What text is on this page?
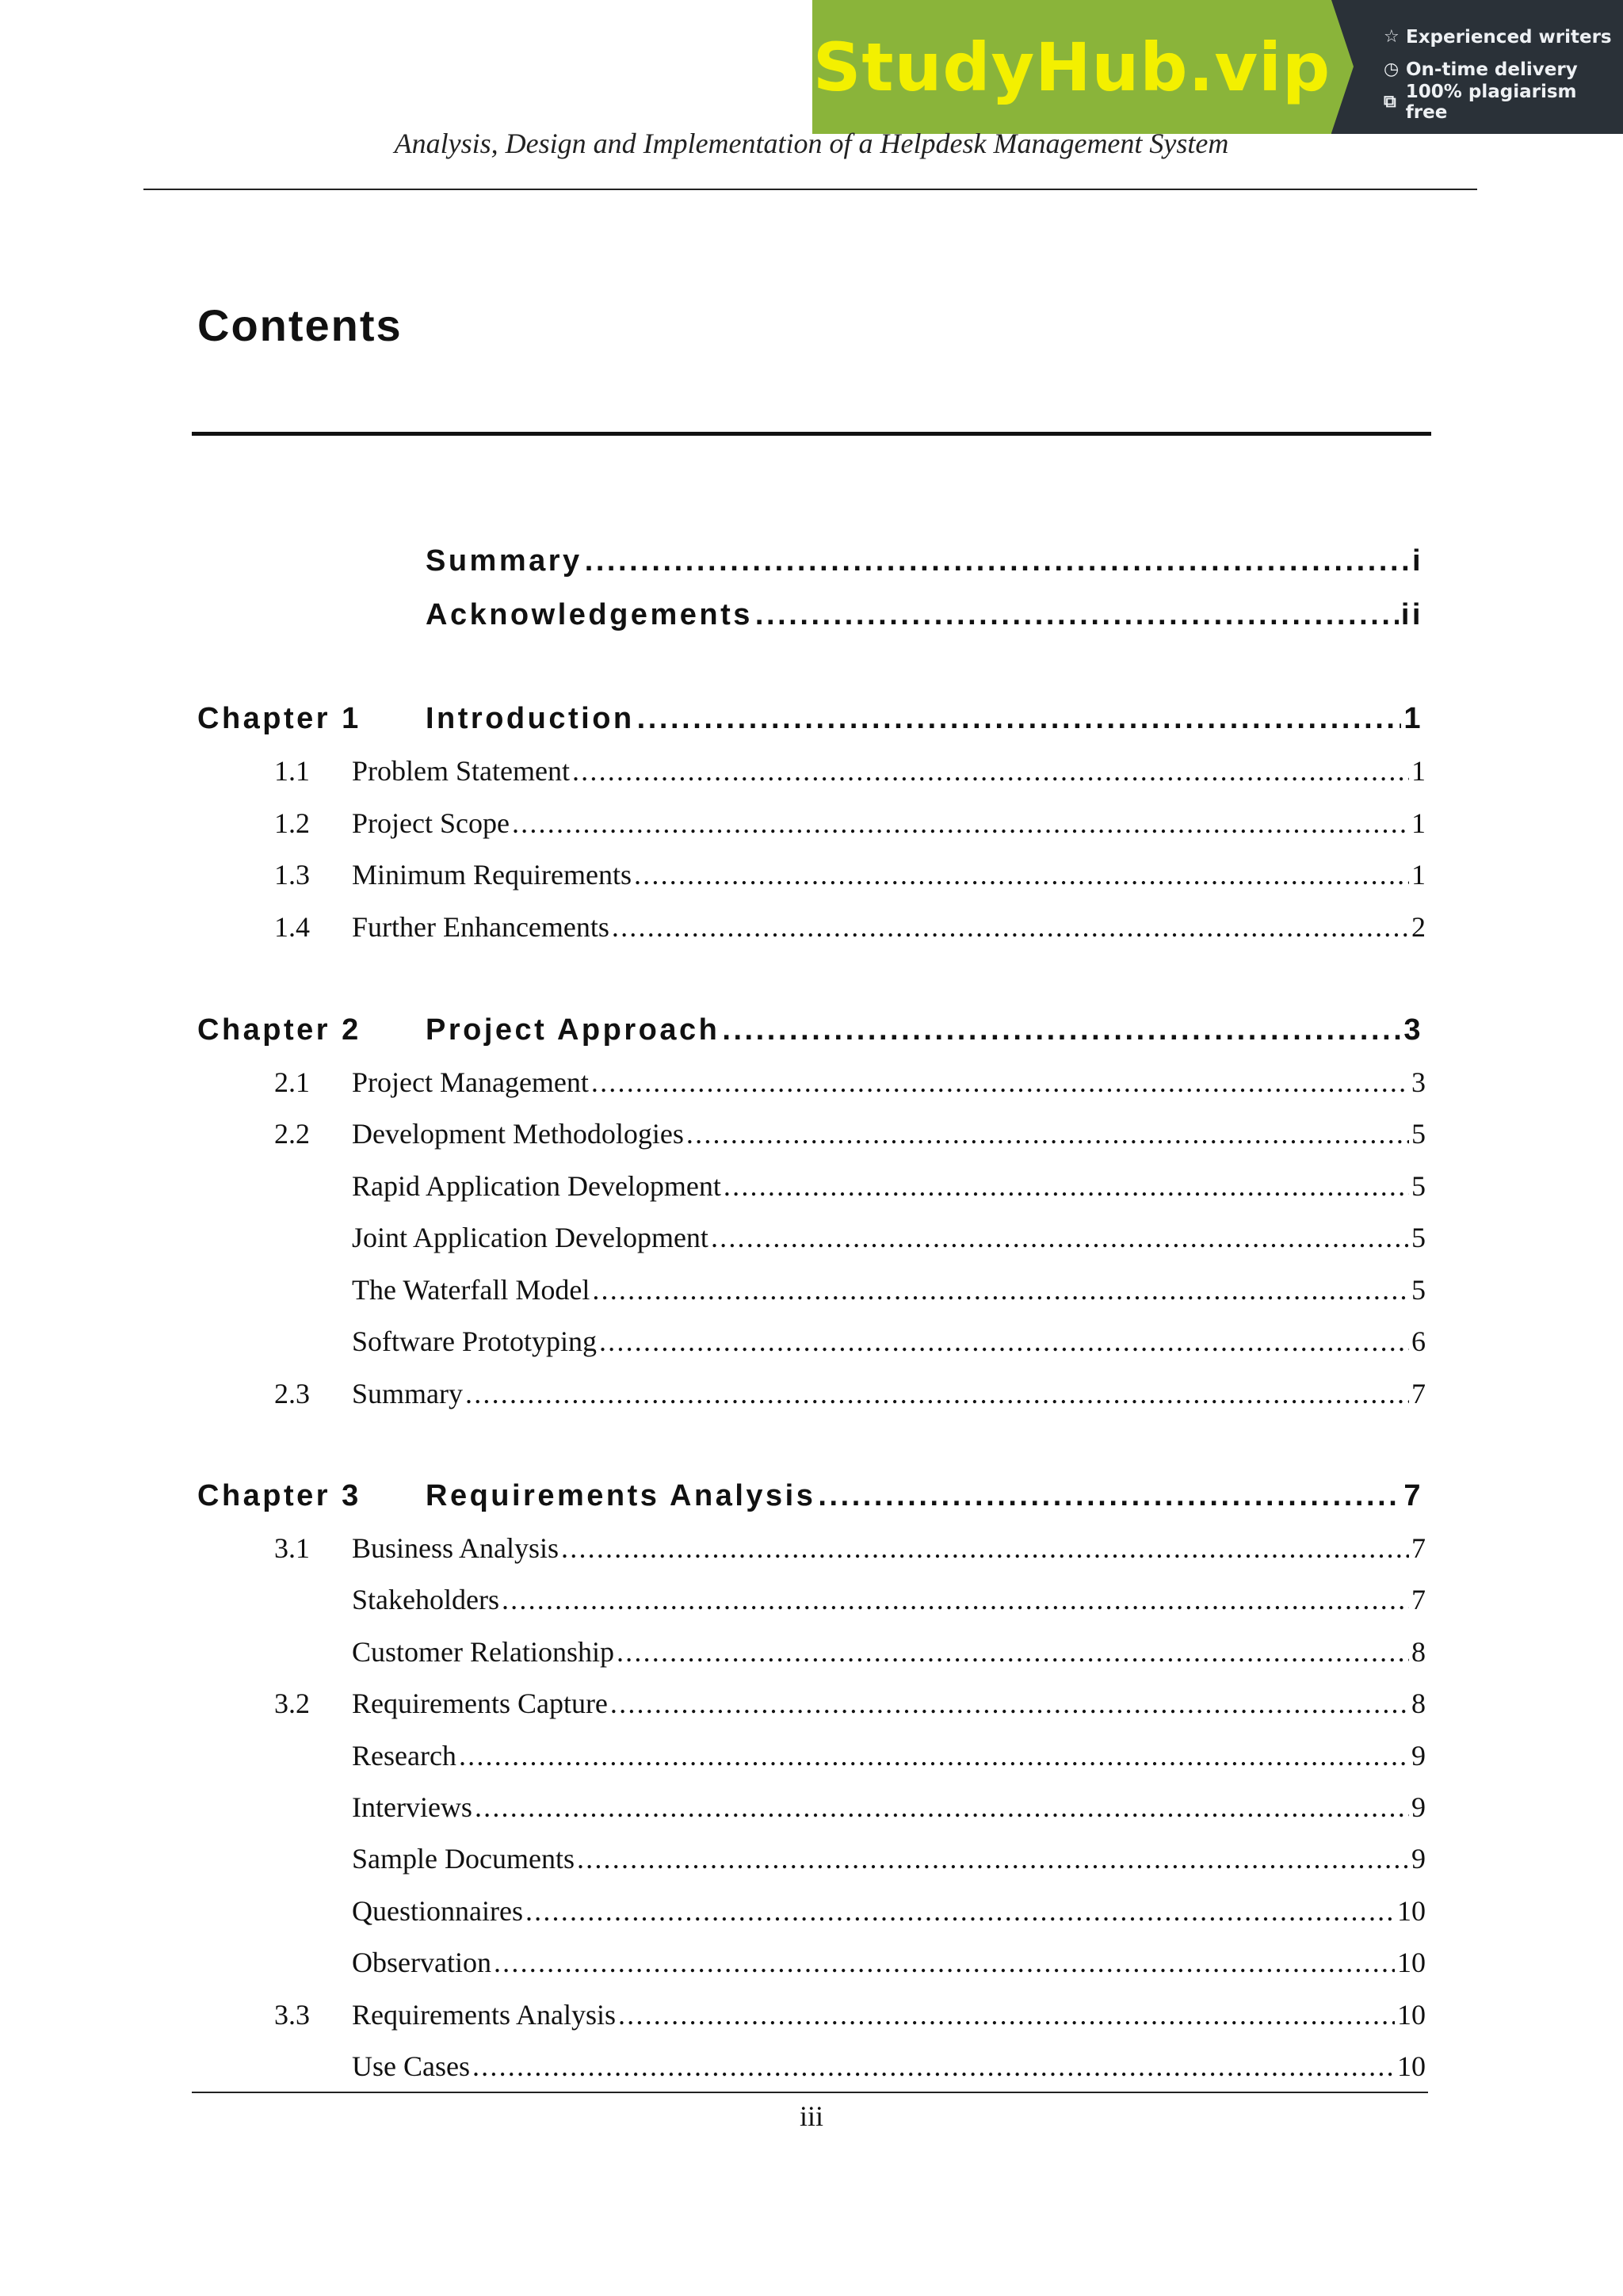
StudyHub.vip	☆ Experienced writers
◷ On-time delivery
⧉ 100% plagiarism free
Analysis, Design and Implementation of a Helpdesk Management System
Contents
Summary . . .	i
Acknowledgements . . .	ii
Chapter 1	Introduction . . .	1
1.1	Problem Statement . . .	1
1.2	Project Scope . . .	1
1.3	Minimum Requirements . . .	1
1.4	Further Enhancements . . .	2
Chapter 2	Project Approach . . .	3
2.1	Project Management . . .	3
2.2	Development Methodologies . . .	5
Rapid Application Development . . .	5
Joint Application Development . . .	5
The Waterfall Model . . .	5
Software Prototyping . . .	6
2.3	Summary . . .	7
Chapter 3	Requirements Analysis . . .	7
3.1	Business Analysis . . .	7
Stakeholders . . .	7
Customer Relationship . . .	8
3.2	Requirements Capture . . .	8
Research . . .	9
Interviews . . .	9
Sample Documents . . .	9
Questionnaires . . .	10
Observation . . .	10
3.3	Requirements Analysis . . .	10
Use Cases . . .	10
iii
